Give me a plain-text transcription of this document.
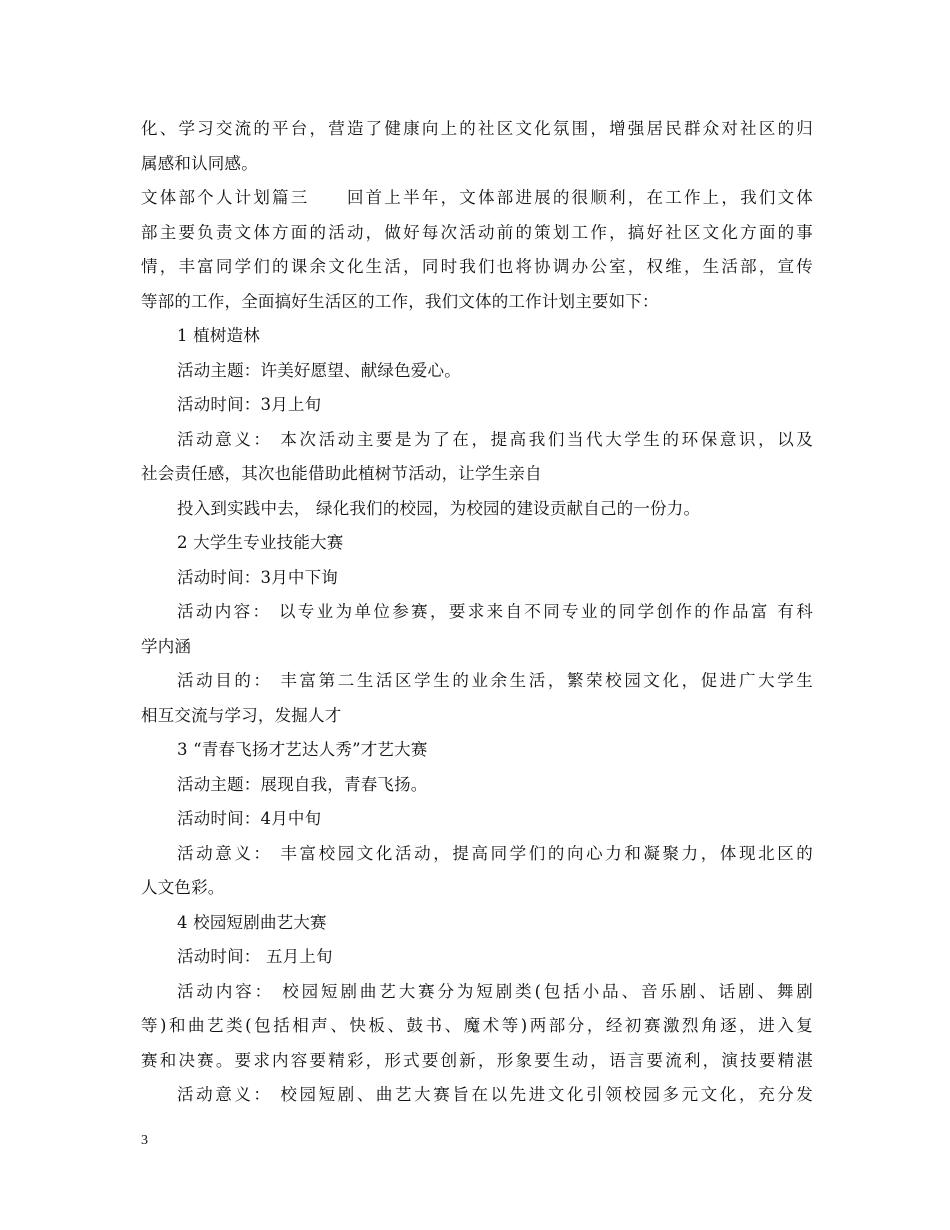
化、学习交流的平台，营造了健康向上的社区文化氛围，增强居民群众对社区的归
属感和认同感。
文体部个人计划篇三　　回首上半年，文体部进展的很顺利，在工作上，我们文体
部主要负责文体方面的活动，做好每次活动前的策划工作，搞好社区文化方面的事
情，丰富同学们的课余文化生活，同时我们也将协调办公室，权维，生活部，宣传
等部的工作，全面搞好生活区的工作，我们文体的工作计划主要如下：
1 植树造林
活动主题：许美好愿望、献绿色爱心。
活动时间：3月上旬
活动意义： 本次活动主要是为了在，提高我们当代大学生的环保意识，以及
社会责任感，其次也能借助此植树节活动，让学生亲自
投入到实践中去， 绿化我们的校园，为校园的建设贡献自己的一份力。
2 大学生专业技能大赛
活动时间：3月中下询
活动内容： 以专业为单位参赛，要求来自不同专业的同学创作的作品富 有科
学内涵
活动目的： 丰富第二生活区学生的业余生活，繁荣校园文化，促进广大学生
相互交流与学习，发掘人才
3 “青春飞扬才艺达人秀”才艺大赛
活动主题：展现自我，青春飞扬。
活动时间：4月中旬
活动意义： 丰富校园文化活动，提高同学们的向心力和凝聚力，体现北区的
人文色彩。
4 校园短剧曲艺大赛
活动时间： 五月上旬
活动内容： 校园短剧曲艺大赛分为短剧类(包括小品、音乐剧、话剧、舞剧
等)和曲艺类(包括相声、快板、鼓书、魔术等)两部分，经初赛激烈角逐，进入复
赛和决赛。要求内容要精彩，形式要创新，形象要生动，语言要流利，演技要精湛
活动意义： 校园短剧、曲艺大赛旨在以先进文化引领校园多元文化，充分发
3
